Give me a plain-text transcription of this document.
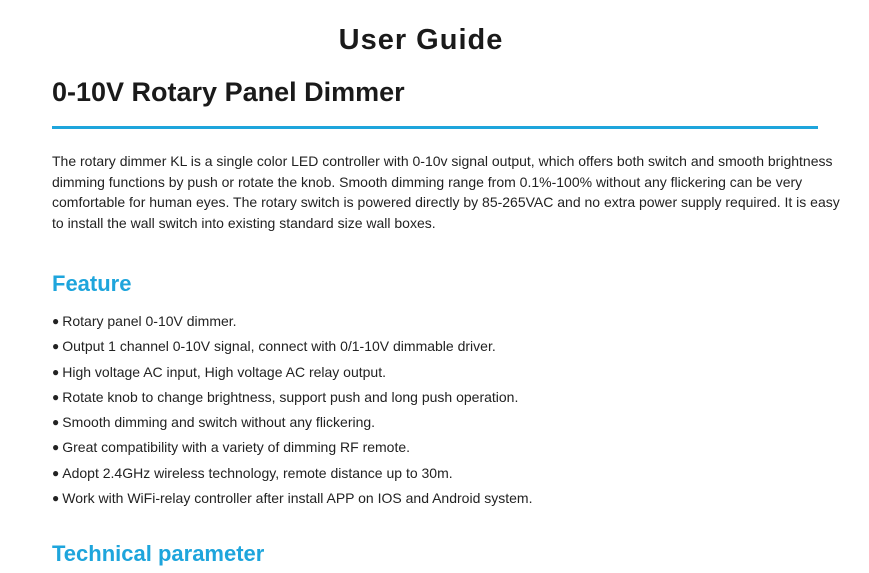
User Guide
0-10V Rotary Panel Dimmer

The rotary dimmer KL is a single color LED controller with 0-10v signal output, which offers both switch and smooth brightness dimming functions by push or rotate the knob. Smooth dimming range from 0.1%-100% without any flickering can be very comfortable for human eyes. The rotary switch is powered directly by 85-265VAC and no extra power supply required. It is easy to install the wall switch into existing standard size wall boxes.

Feature
● Rotary panel 0-10V dimmer.
● Output 1 channel 0-10V signal, connect with 0/1-10V dimmable driver.
● High voltage AC input, High voltage AC relay output.
● Rotate knob to change brightness, support push and long push operation.
● Smooth dimming and switch without any flickering.
● Great compatibility with a variety of dimming RF remote.
● Adopt 2.4GHz wireless technology, remote distance up to 30m.
● Work with WiFi-relay controller after install APP on IOS and Android system.
Technical parameter
